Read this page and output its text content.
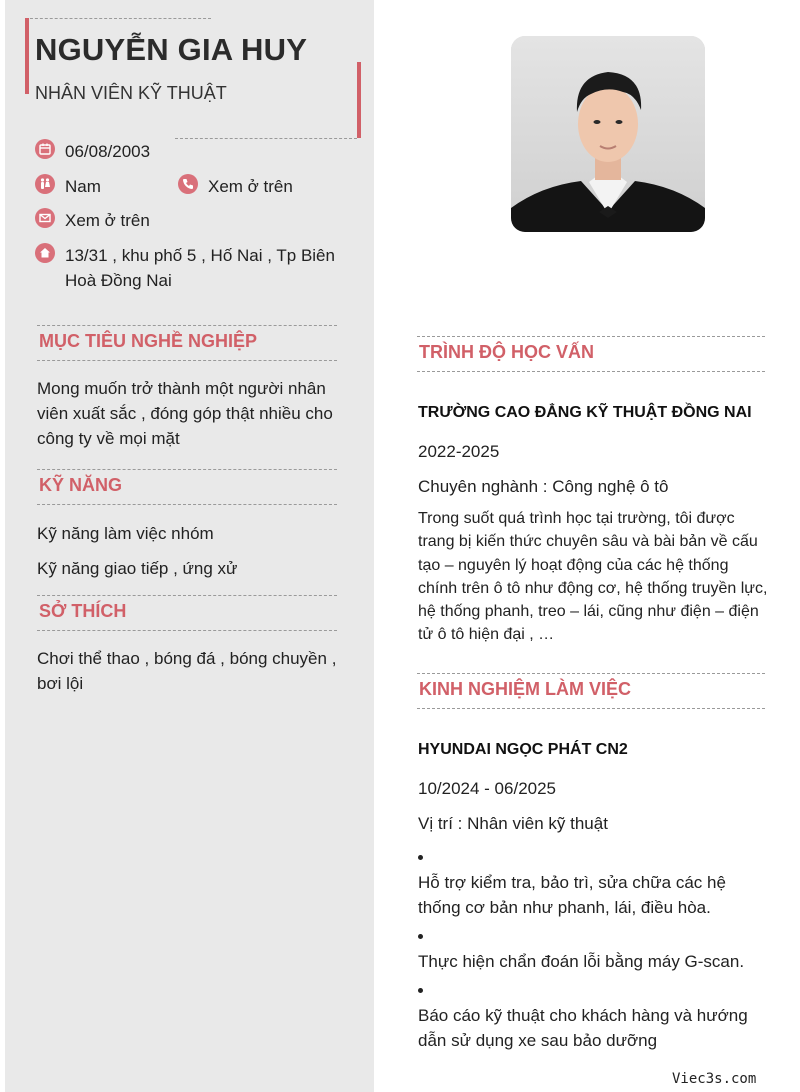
NGUYỄN GIA HUY
NHÂN VIÊN KỸ THUẬT
06/08/2003
Nam	Xem ở trên
Xem ở trên
13/31 , khu phố 5 , Hố Nai , Tp Biên Hoà Đồng Nai
MỤC TIÊU NGHỀ NGHIỆP
Mong muốn trở thành một người nhân viên xuất sắc , đóng góp thật nhiều cho công ty về mọi mặt
KỸ NĂNG
Kỹ năng làm việc nhóm
Kỹ năng giao tiếp , ứng xử
SỞ THÍCH
Chơi thể thao , bóng đá , bóng chuyền , bơi lội
TRÌNH ĐỘ HỌC VẤN
TRƯỜNG CAO ĐẲNG KỸ THUẬT ĐỒNG NAI
2022-2025
Chuyên nghành : Công nghệ ô tô
Trong suốt quá trình học tại trường, tôi được trang bị kiến thức chuyên sâu và bài bản về cấu tạo – nguyên lý hoạt động của các hệ thống chính trên ô tô như động cơ, hệ thống truyền lực, hệ thống phanh, treo – lái, cũng như điện – điện tử ô tô hiện đại , …
KINH NGHIỆM LÀM VIỆC
HYUNDAI NGỌC PHÁT CN2
10/2024 - 06/2025
Vị trí : Nhân viên kỹ thuật
Hỗ trợ kiểm tra, bảo trì, sửa chữa các hệ thống cơ bản như phanh, lái, điều hòa.
Thực hiện chẩn đoán lỗi bằng máy G-scan.
Báo cáo kỹ thuật cho khách hàng và hướng dẫn sử dụng xe sau bảo dưỡng
Viec3s.com
